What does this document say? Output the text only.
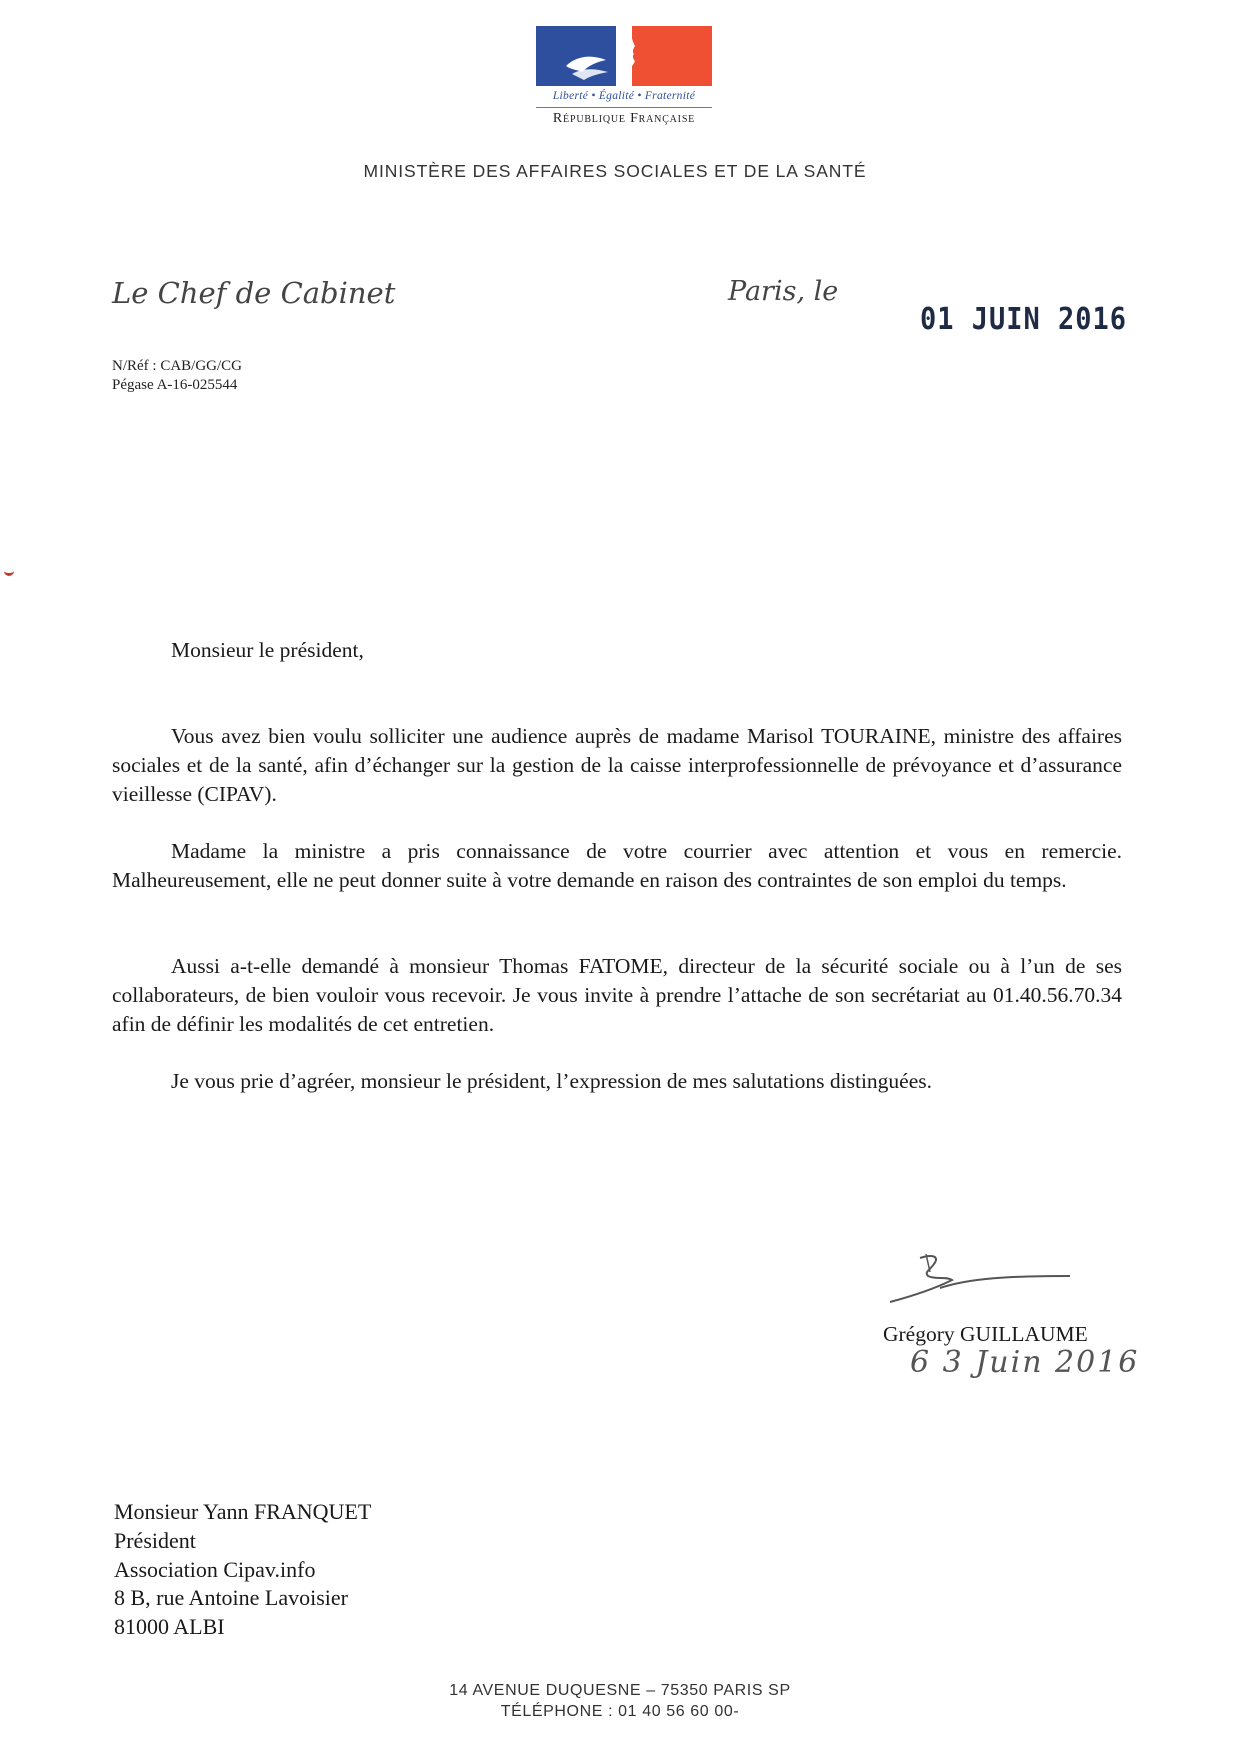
Liberté • Égalité • Fraternité
République Française
MINISTÈRE DES AFFAIRES SOCIALES ET DE LA SANTÉ
Le Chef de Cabinet	Paris, le
01 JUIN 2016
N/Réf : CAB/GG/CG
Pégase A-16-025544
Monsieur le président,

Vous avez bien voulu solliciter une audience auprès de madame Marisol TOURAINE, ministre des affaires sociales et de la santé, afin d’échanger sur la gestion de la caisse interprofessionnelle de prévoyance et d’assurance vieillesse (CIPAV).

Madame la ministre a pris connaissance de votre courrier avec attention et vous en remercie. Malheureusement, elle ne peut donner suite à votre demande en raison des contraintes de son emploi du temps.

Aussi a-t-elle demandé à monsieur Thomas FATOME, directeur de la sécurité sociale ou à l’un de ses collaborateurs, de bien vouloir vous recevoir. Je vous invite à prendre l’attache de son secrétariat au 01.40.56.70.34 afin de définir les modalités de cet entretien.

Je vous prie d’agréer, monsieur le président, l’expression de mes salutations distinguées.

Grégory GUILLAUME
6 3 Juin 2016
Monsieur Yann FRANQUET
Président
Association Cipav.info
8 B, rue Antoine Lavoisier
81000 ALBI
14 AVENUE DUQUESNE – 75350 PARIS SP
TÉLÉPHONE : 01 40 56 60 00-
